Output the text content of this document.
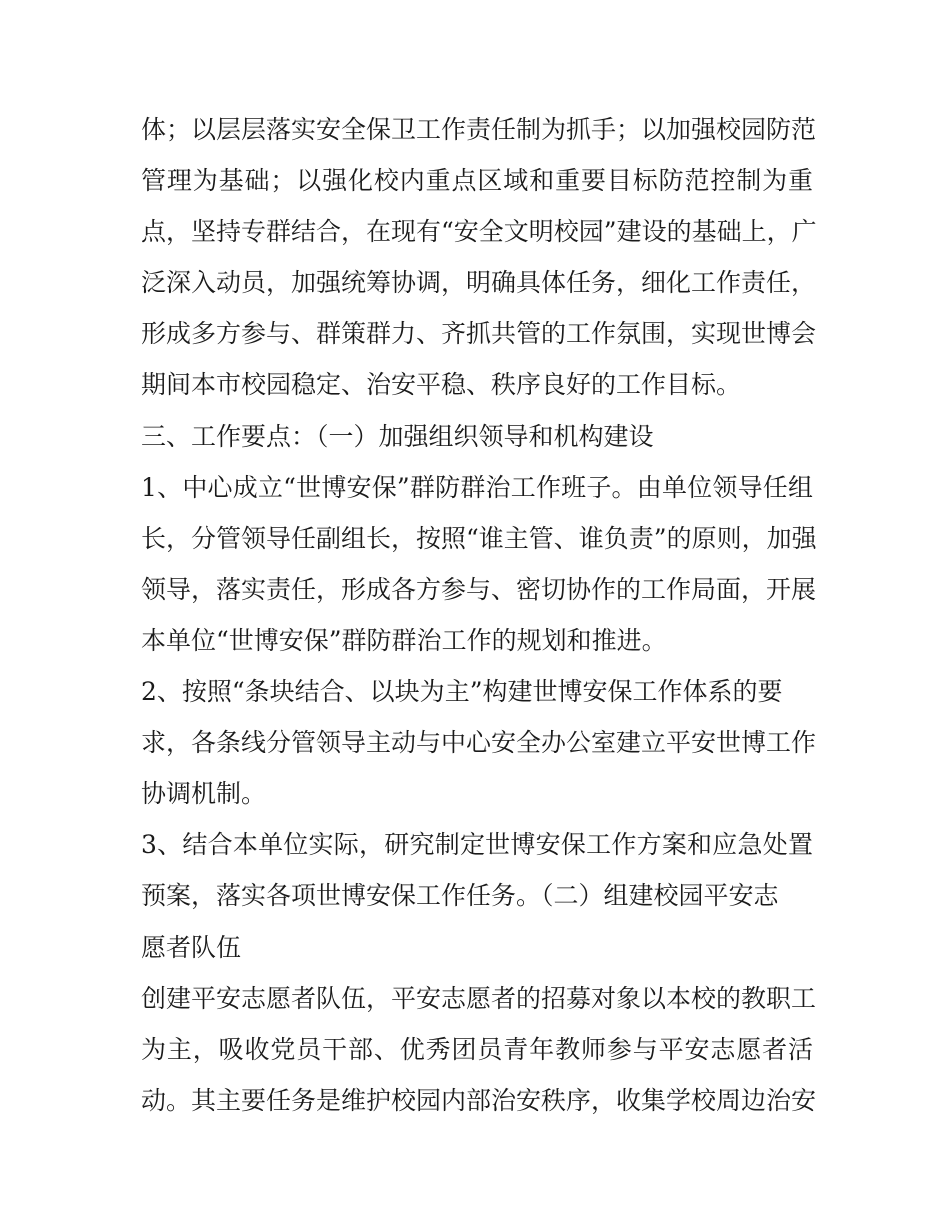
体；以层层落实安全保卫工作责任制为抓手；以加强校园防范
管理为基础；以强化校内重点区域和重要目标防范控制为重
点，坚持专群结合，在现有“安全文明校园”建设的基础上，广
泛深入动员，加强统筹协调，明确具体任务，细化工作责任，
形成多方参与、群策群力、齐抓共管的工作氛围，实现世博会
期间本市校园稳定、治安平稳、秩序良好的工作目标。
三、工作要点：（一）加强组织领导和机构建设
1、中心成立“世博安保”群防群治工作班子。由单位领导任组
长，分管领导任副组长，按照“谁主管、谁负责”的原则，加强
领导，落实责任，形成各方参与、密切协作的工作局面，开展
本单位“世博安保”群防群治工作的规划和推进。
2、按照“条块结合、以块为主”构建世博安保工作体系的要
求，各条线分管领导主动与中心安全办公室建立平安世博工作
协调机制。
3、结合本单位实际，研究制定世博安保工作方案和应急处置
预案，落实各项世博安保工作任务。（二）组建校园平安志
愿者队伍
创建平安志愿者队伍，平安志愿者的招募对象以本校的教职工
为主，吸收党员干部、优秀团员青年教师参与平安志愿者活
动。其主要任务是维护校园内部治安秩序，收集学校周边治安
